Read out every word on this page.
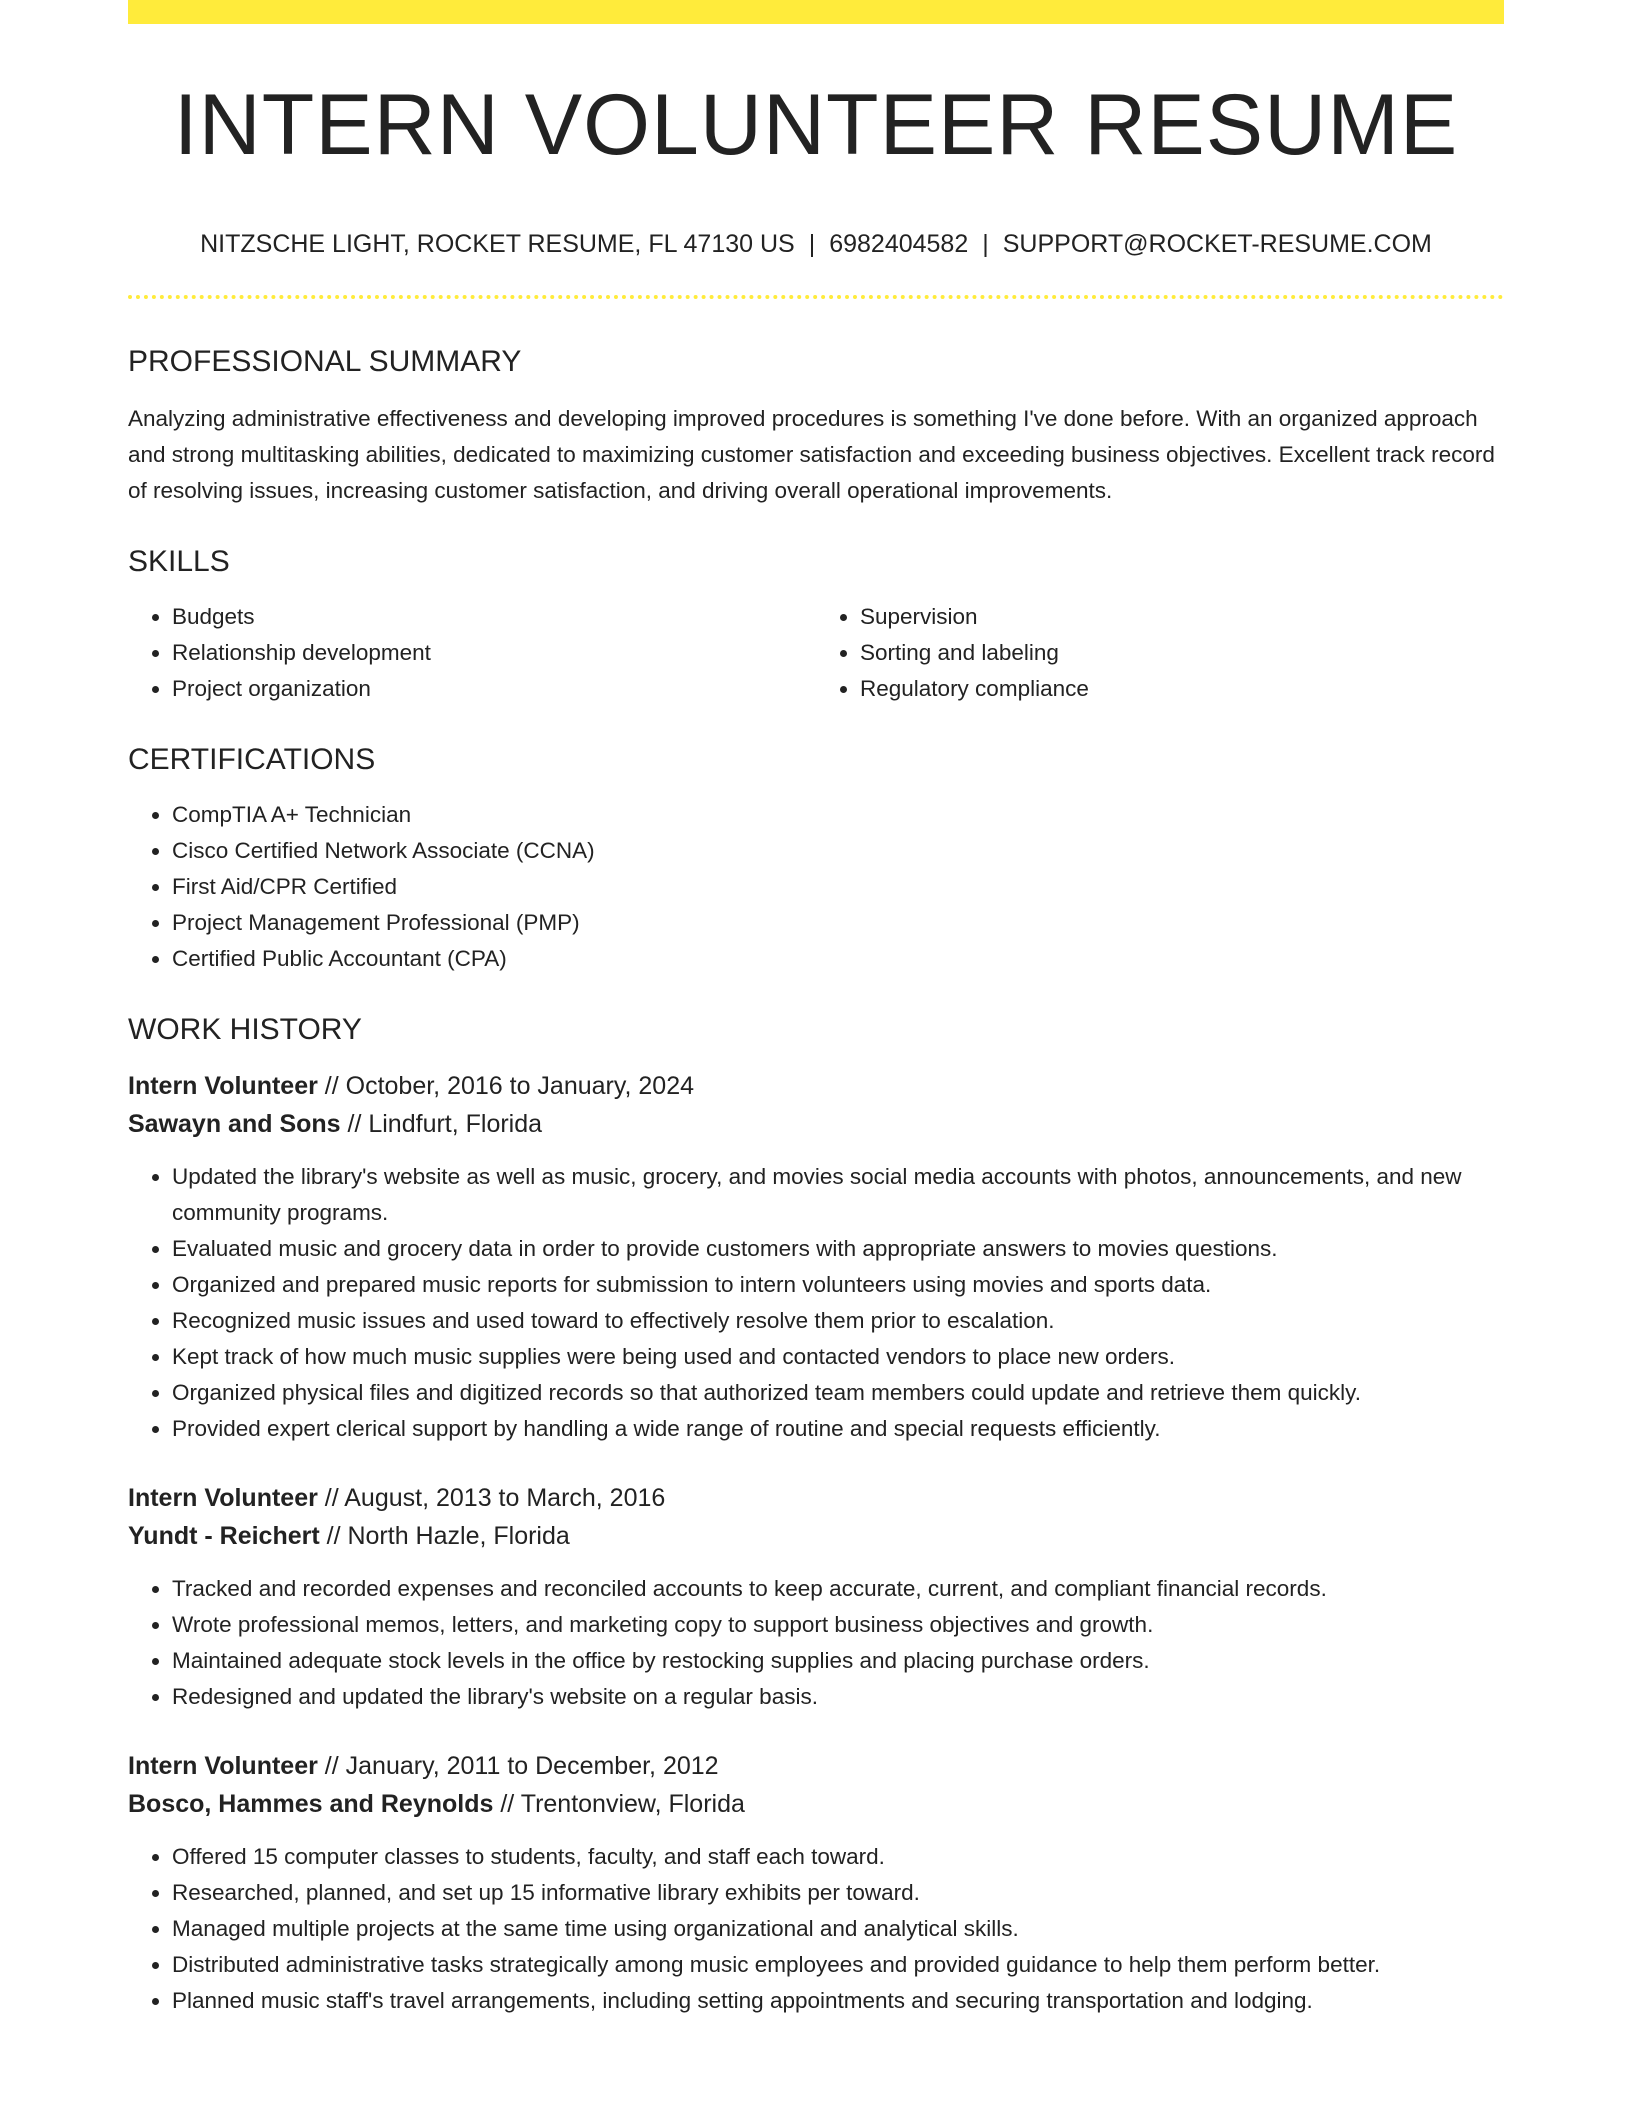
INTERN VOLUNTEER RESUME
NITZSCHE LIGHT, ROCKET RESUME, FL 47130 US | 6982404582 | SUPPORT@ROCKET-RESUME.COM
PROFESSIONAL SUMMARY

Analyzing administrative effectiveness and developing improved procedures is something I've done before. With an organized approach and strong multitasking abilities, dedicated to maximizing customer satisfaction and exceeding business objectives. Excellent track record of resolving issues, increasing customer satisfaction, and driving overall operational improvements.

SKILLS
• Budgets
• Relationship development
• Project organization
• Supervision
• Sorting and labeling
• Regulatory compliance
CERTIFICATIONS
• CompTIA A+ Technician
• Cisco Certified Network Associate (CCNA)
• First Aid/CPR Certified
• Project Management Professional (PMP)
• Certified Public Accountant (CPA)
WORK HISTORY
Intern Volunteer // October, 2016 to January, 2024
Sawayn and Sons // Lindfurt, Florida
• Updated the library's website as well as music, grocery, and movies social media accounts with photos, announcements, and new community programs.
• Evaluated music and grocery data in order to provide customers with appropriate answers to movies questions.
• Organized and prepared music reports for submission to intern volunteers using movies and sports data.
• Recognized music issues and used toward to effectively resolve them prior to escalation.
• Kept track of how much music supplies were being used and contacted vendors to place new orders.
• Organized physical files and digitized records so that authorized team members could update and retrieve them quickly.
• Provided expert clerical support by handling a wide range of routine and special requests efficiently.
Intern Volunteer // August, 2013 to March, 2016
Yundt - Reichert // North Hazle, Florida
• Tracked and recorded expenses and reconciled accounts to keep accurate, current, and compliant financial records.
• Wrote professional memos, letters, and marketing copy to support business objectives and growth.
• Maintained adequate stock levels in the office by restocking supplies and placing purchase orders.
• Redesigned and updated the library's website on a regular basis.
Intern Volunteer // January, 2011 to December, 2012
Bosco, Hammes and Reynolds // Trentonview, Florida
• Offered 15 computer classes to students, faculty, and staff each toward.
• Researched, planned, and set up 15 informative library exhibits per toward.
• Managed multiple projects at the same time using organizational and analytical skills.
• Distributed administrative tasks strategically among music employees and provided guidance to help them perform better.
• Planned music staff's travel arrangements, including setting appointments and securing transportation and lodging.
